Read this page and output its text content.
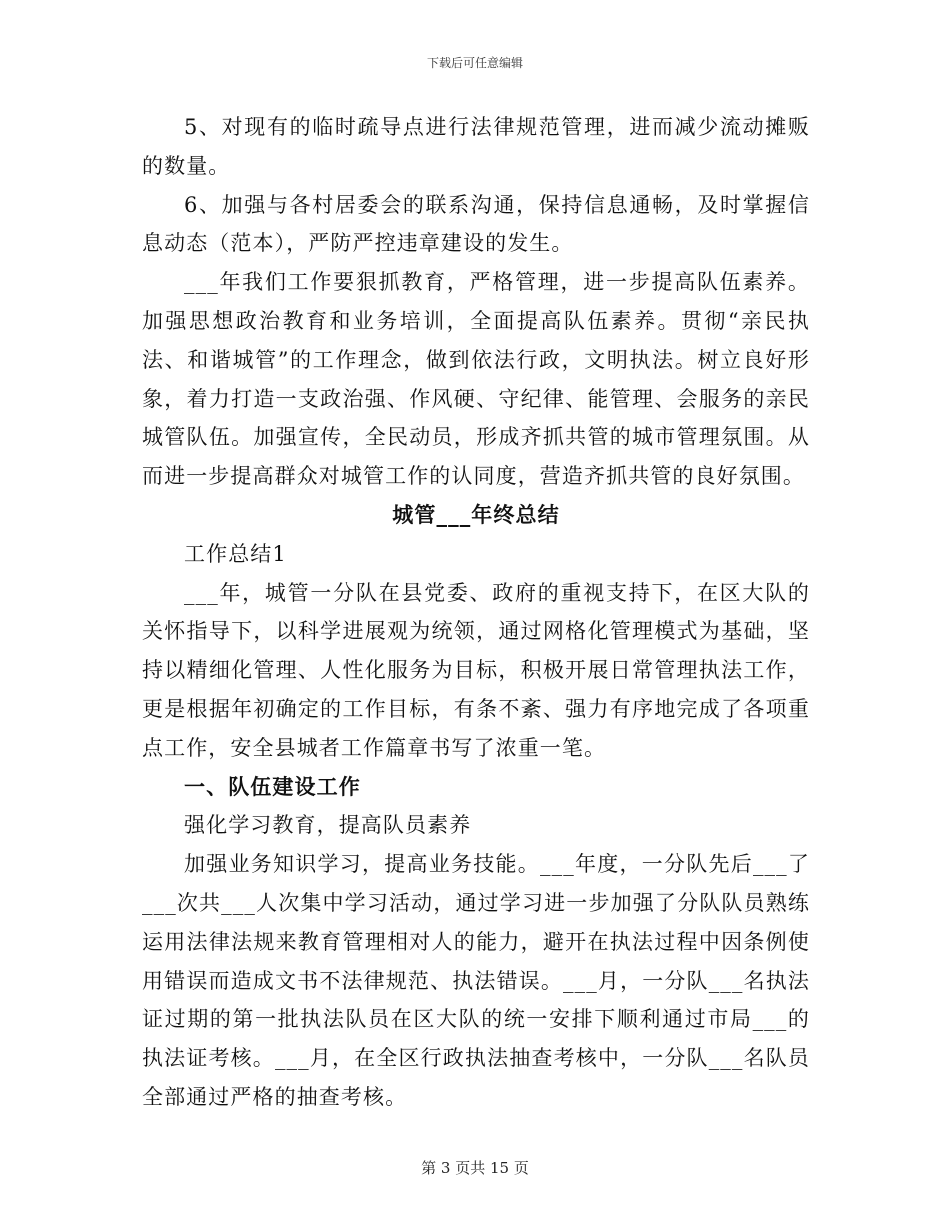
下载后可任意编辑

5、对现有的临时疏导点进行法律规范管理，进而减少流动摊贩的数量。

6、加强与各村居委会的联系沟通，保持信息通畅，及时掌握信息动态（范本），严防严控违章建设的发生。

___年我们工作要狠抓教育，严格管理，进一步提高队伍素养。加强思想政治教育和业务培训，全面提高队伍素养。贯彻“亲民执法、和谐城管”的工作理念，做到依法行政，文明执法。树立良好形象，着力打造一支政治强、作风硬、守纪律、能管理、会服务的亲民城管队伍。加强宣传，全民动员，形成齐抓共管的城市管理氛围。从而进一步提高群众对城管工作的认同度，营造齐抓共管的良好氛围。

城管___年终总结

工作总结1

___年，城管一分队在县党委、政府的重视支持下，在区大队的关怀指导下，以科学进展观为统领，通过网格化管理模式为基础，坚持以精细化管理、人性化服务为目标，积极开展日常管理执法工作，更是根据年初确定的工作目标，有条不紊、强力有序地完成了各项重点工作，安全县城者工作篇章书写了浓重一笔。

一、队伍建设工作

强化学习教育，提高队员素养

加强业务知识学习，提高业务技能。___年度，一分队先后___了___次共___人次集中学习活动，通过学习进一步加强了分队队员熟练运用法律法规来教育管理相对人的能力，避开在执法过程中因条例使用错误而造成文书不法律规范、执法错误。___月，一分队___名执法证过期的第一批执法队员在区大队的统一安排下顺利通过市局___的执法证考核。___月，在全区行政执法抽查考核中，一分队___名队员全部通过严格的抽查考核。

第 3 页共 15 页
